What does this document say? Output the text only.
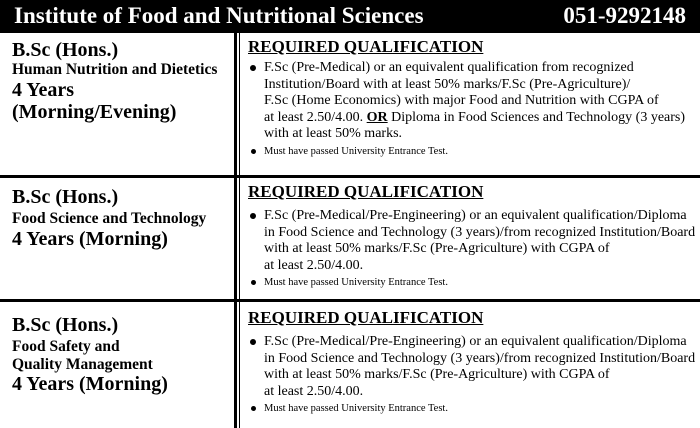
Institute of Food and Nutritional Sciences	051-9292148
B.Sc (Hons.)
Human Nutrition and Dietetics
4 Years
(Morning/Evening)
REQUIRED QUALIFICATION
F.Sc (Pre-Medical) or an equivalent qualification from recognized
Institution/Board with at least 50% marks/F.Sc (Pre-Agriculture)/
F.Sc (Home Economics) with major Food and Nutrition with CGPA of
at least 2.50/4.00. OR Diploma in Food Sciences and Technology (3 years)
with at least 50% marks.
Must have passed University Entrance Test.
B.Sc (Hons.)
Food Science and Technology
4 Years (Morning)
REQUIRED QUALIFICATION
F.Sc (Pre-Medical/Pre-Engineering) or an equivalent qualification/Diploma
in Food Science and Technology (3 years)/from recognized Institution/Board
with at least 50% marks/F.Sc (Pre-Agriculture) with CGPA of
at least 2.50/4.00.
Must have passed University Entrance Test.
B.Sc (Hons.)
Food Safety and
Quality Management
4 Years (Morning)
REQUIRED QUALIFICATION
F.Sc (Pre-Medical/Pre-Engineering) or an equivalent qualification/Diploma
in Food Science and Technology (3 years)/from recognized Institution/Board
with at least 50% marks/F.Sc (Pre-Agriculture) with CGPA of
at least 2.50/4.00.
Must have passed University Entrance Test.
